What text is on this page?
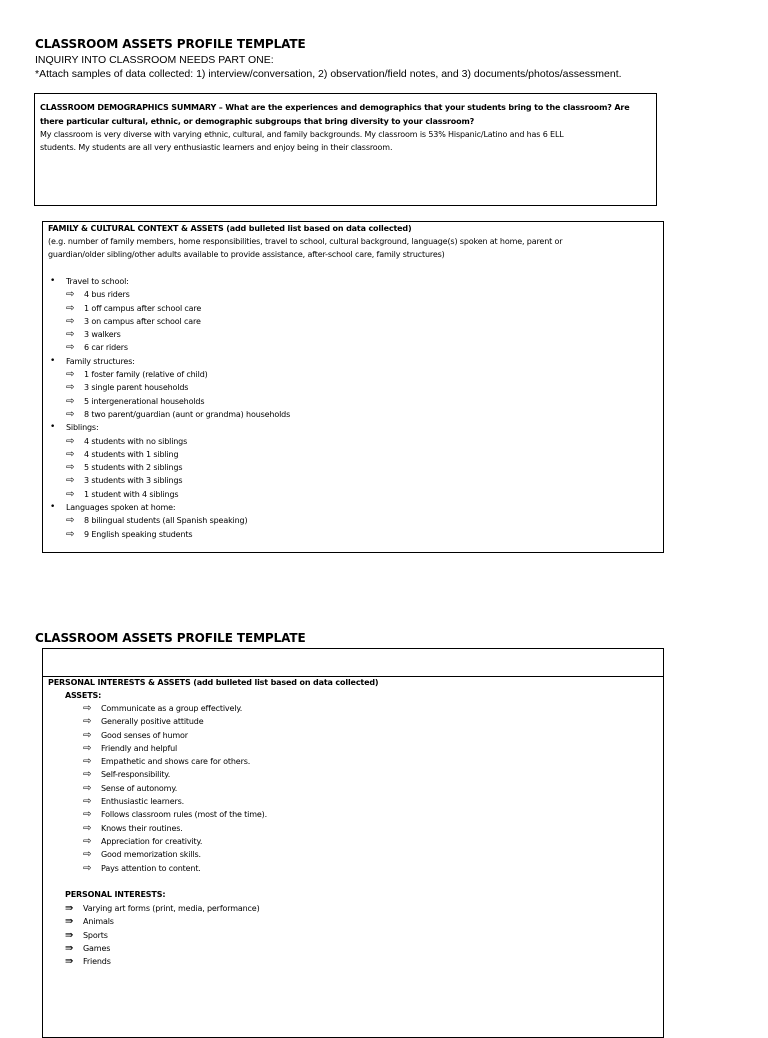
CLASSROOM ASSETS PROFILE TEMPLATE
INQUIRY INTO CLASSROOM NEEDS PART ONE:
*Attach samples of data collected: 1) interview/conversation, 2) observation/field notes, and 3) documents/photos/assessment.
CLASSROOM DEMOGRAPHICS SUMMARY – What are the experiences and demographics that your students bring to the classroom? Are
there particular cultural, ethnic, or demographic subgroups that bring diversity to your classroom?
My classroom is very diverse with varying ethnic, cultural, and family backgrounds. My classroom is 53% Hispanic/Latino and has 6 ELL
students. My students are all very enthusiastic learners and enjoy being in their classroom.
FAMILY & CULTURAL CONTEXT & ASSETS (add bulleted list based on data collected)
(e.g. number of family members, home responsibilities, travel to school, cultural background, language(s) spoken at home, parent or
guardian/older sibling/other adults available to provide assistance, after-school care, family structures)
• Travel to school:
⇨ 4 bus riders
⇨ 1 off campus after school care
⇨ 3 on campus after school care
⇨ 3 walkers
⇨ 6 car riders
• Family structures:
⇨ 1 foster family (relative of child)
⇨ 3 single parent households
⇨ 5 intergenerational households
⇨ 8 two parent/guardian (aunt or grandma) households
• Siblings:
⇨ 4 students with no siblings
⇨ 4 students with 1 sibling
⇨ 5 students with 2 siblings
⇨ 3 students with 3 siblings
⇨ 1 student with 4 siblings
• Languages spoken at home:
⇨ 8 bilingual students (all Spanish speaking)
⇨ 9 English speaking students
CLASSROOM ASSETS PROFILE TEMPLATE
PERSONAL INTERESTS & ASSETS (add bulleted list based on data collected)
ASSETS:
⇨ Communicate as a group effectively.
⇨ Generally positive attitude
⇨ Good senses of humor
⇨ Friendly and helpful
⇨ Empathetic and shows care for others.
⇨ Self-responsibility.
⇨ Sense of autonomy.
⇨ Enthusiastic learners.
⇨ Follows classroom rules (most of the time).
⇨ Knows their routines.
⇨ Appreciation for creativity.
⇨ Good memorization skills.
⇨ Pays attention to content.
PERSONAL INTERESTS:
⇛ Varying art forms (print, media, performance)
⇛ Animals
⇛ Sports
⇛ Games
⇛ Friends
